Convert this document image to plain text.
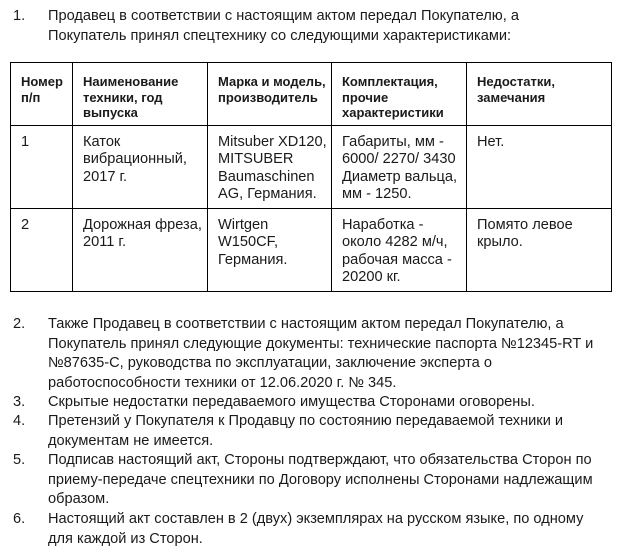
1. Продавец в соответствии с настоящим актом передал Покупателю, а
Покупатель принял спецтехнику со следующими характеристиками:
Номер
п/п	Наименование
техники, год
выпуска	Марка и модель,
производитель	Комплектация,
прочие
характеристики	Недостатки,
замечания

1	Каток
вибрационный,
2017 г.	Mitsuber XD120,
MITSUBER
Baumaschinen
AG, Германия.	Габариты, мм -
6000/ 2270/ 3430
Диаметр вальца,
мм - 1250.	Нет.

2	Дорожная фреза,
2011 г.	Wirtgen
W150CF,
Германия.	Наработка -
около 4282 м/ч,
рабочая масса -
20200 кг.	Помято левое
крыло.
2. Также Продавец в соответствии с настоящим актом передал Покупателю, а
Покупатель принял следующие документы: технические паспорта №12345-RT и
№87635-С, руководства по эксплуатации, заключение эксперта о
работоспособности техники от 12.06.2020 г. № 345.
3. Скрытые недостатки передаваемого имущества Сторонами оговорены.
4. Претензий у Покупателя к Продавцу по состоянию передаваемой техники и
документам не имеется.
5. Подписав настоящий акт, Стороны подтверждают, что обязательства Сторон по
приему-передаче спецтехники по Договору исполнены Сторонами надлежащим
образом.
6. Настоящий акт составлен в 2 (двух) экземплярах на русском языке, по одному
для каждой из Сторон.
